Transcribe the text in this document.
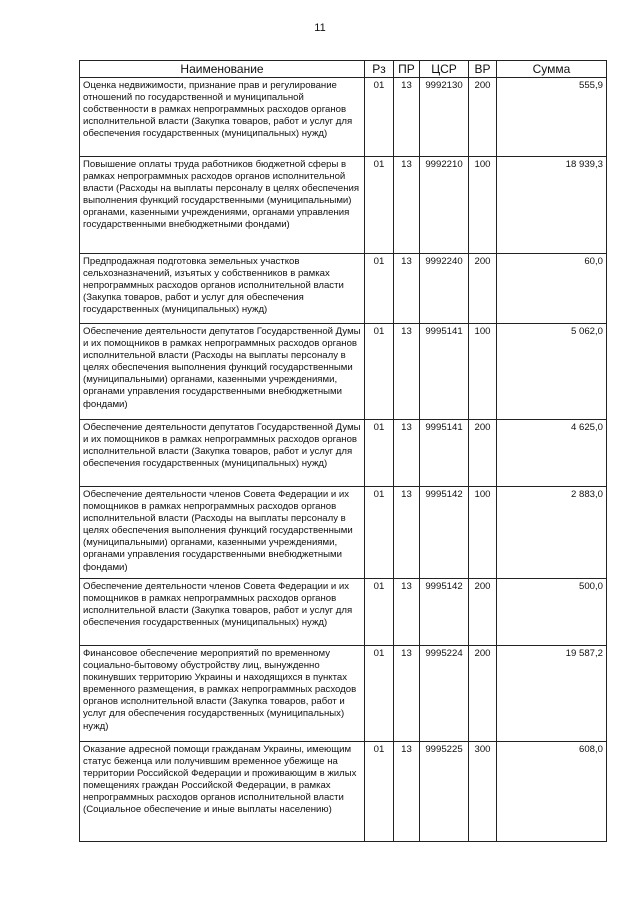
11
Наименование	Рз	ПР	ЦСР	ВР	Сумма
Оценка недвижимости, признание прав и регулирование отношений по государственной и муниципальной собственности в рамках непрограммных расходов органов исполнительной власти (Закупка товаров, работ и услуг для обеспечения государственных (муниципальных) нужд)	01	13	9992130	200	555,9
Повышение оплаты труда работников бюджетной сферы в рамках непрограммных расходов органов исполнительной власти (Расходы на выплаты персоналу в целях обеспечения выполнения функций государственными (муниципальными) органами, казенными учреждениями, органами управления государственными внебюджетными фондами)	01	13	9992210	100	18 939,3
Предпродажная подготовка земельных участков сельхозназначений, изъятых у собственников в рамках непрограммных расходов органов исполнительной власти (Закупка товаров, работ и услуг для обеспечения государственных (муниципальных) нужд)	01	13	9992240	200	60,0
Обеспечение деятельности депутатов Государственной Думы и их помощников в рамках непрограммных расходов органов исполнительной власти (Расходы на выплаты персоналу в целях обеспечения выполнения функций государственными (муниципальными) органами, казенными учреждениями, органами управления государственными внебюджетными фондами)	01	13	9995141	100	5 062,0
Обеспечение деятельности депутатов Государственной Думы и их помощников в рамках непрограммных расходов органов исполнительной власти (Закупка товаров, работ и услуг для обеспечения государственных (муниципальных) нужд)	01	13	9995141	200	4 625,0
Обеспечение деятельности членов Совета Федерации и их помощников в рамках непрограммных расходов органов исполнительной власти (Расходы на выплаты персоналу в целях обеспечения выполнения функций государственными (муниципальными) органами, казенными учреждениями, органами управления государственными внебюджетными фондами)	01	13	9995142	100	2 883,0
Обеспечение деятельности членов Совета Федерации и их помощников в рамках непрограммных расходов органов исполнительной власти (Закупка товаров, работ и услуг для обеспечения государственных (муниципальных) нужд)	01	13	9995142	200	500,0
Финансовое обеспечение мероприятий по временному социально-бытовому обустройству лиц, вынужденно покинувших территорию Украины и находящихся в пунктах временного размещения, в рамках непрограммных расходов органов исполнительной власти (Закупка товаров, работ и услуг для обеспечения государственных (муниципальных) нужд)	01	13	9995224	200	19 587,2
Оказание адресной помощи гражданам Украины, имеющим статус беженца или получившим временное убежище на территории Российской Федерации и проживающим в жилых помещениях граждан Российской Федерации, в рамках непрограммных расходов органов исполнительной власти (Социальное обеспечение и иные выплаты населению)	01	13	9995225	300	608,0
